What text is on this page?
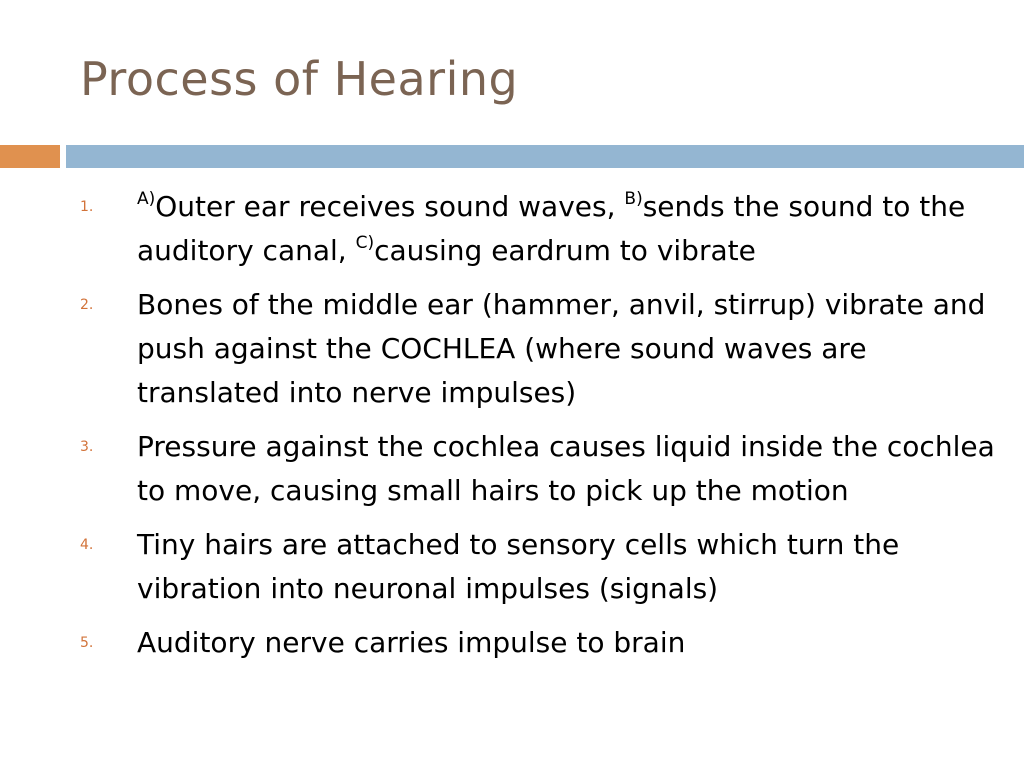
Process of Hearing
1.	$^{A)}$Outer ear receives sound waves, $^{B)}$sends the sound to the auditory canal, $^{C)}$causing eardrum to vibrate
2. Bones of the middle ear (hammer, anvil, stirrup) vibrate and push against the COCHLEA (where sound waves are translated into nerve impulses)
3. Pressure against the cochlea causes liquid inside the cochlea to move, causing small hairs to pick up the motion
4. Tiny hairs are attached to sensory cells which turn the vibration into neuronal impulses (signals)
5. Auditory nerve carries impulse to brain
